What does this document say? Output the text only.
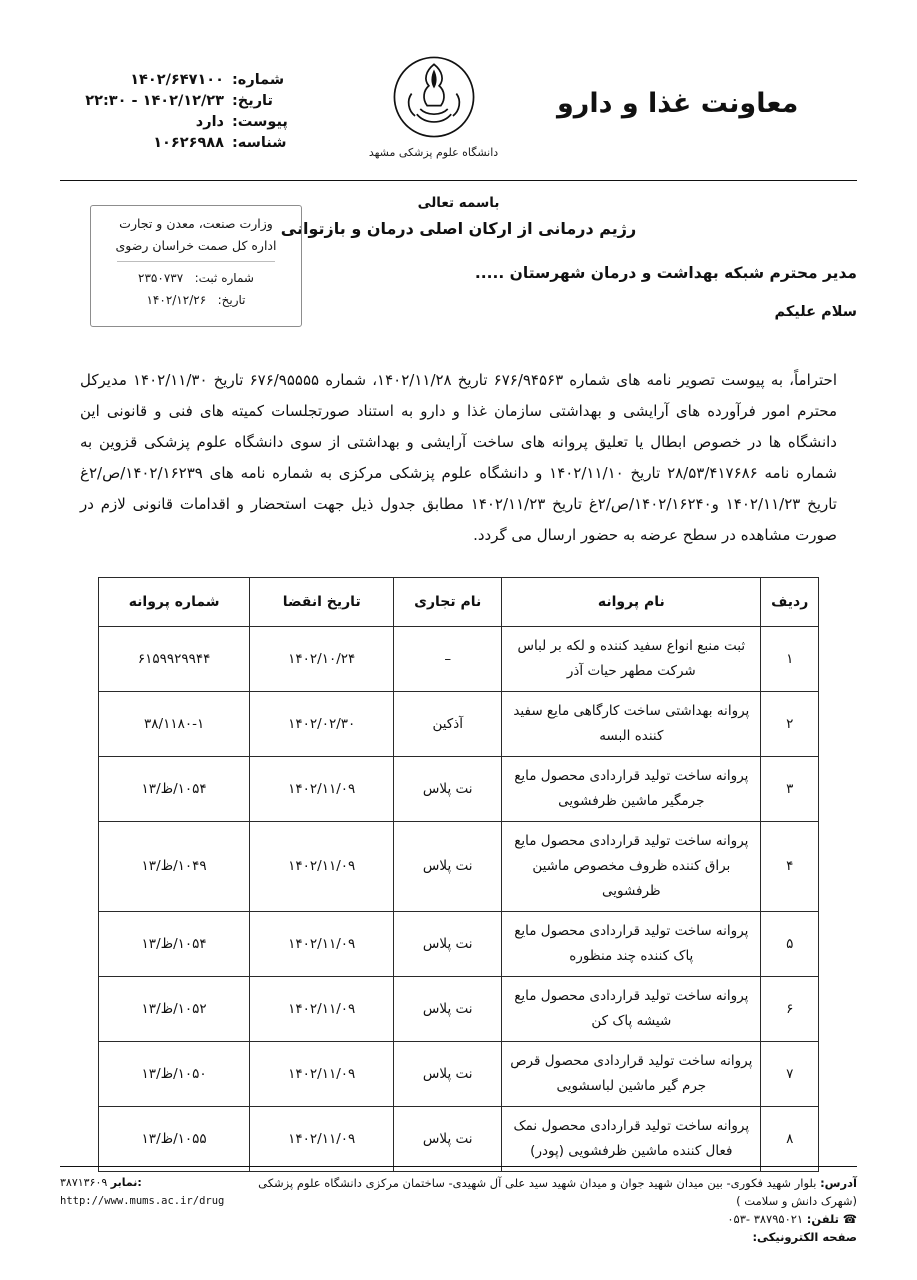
معاونت غذا و دارو
دانشگاه علوم پزشکی مشهد
شماره:
۱۴۰۲/۶۴۷۱۰۰
تاریخ:
۱۴۰۲/۱۲/۲۳ - ۲۲:۳۰
پیوست:
دارد
شناسه:
۱۰۶۲۶۹۸۸
باسمه تعالی
رژیم درمانی از ارکان اصلی درمان و بازتوانی
وزارت صنعت، معدن و تجارت
اداره کل صمت خراسان رضوی
شماره ثبت:   ۲۳۵۰۷۳۷
تاریخ:   ۱۴۰۲/۱۲/۲۶
مدیر محترم شبکه بهداشت و درمان شهرستان .....
سلام علیکم
احتراماً، به پیوست تصویر نامه های شماره ۶۷۶/۹۴۵۶۳ تاریخ ۱۴۰۲/۱۱/۲۸، شماره ۶۷۶/۹۵۵۵۵ تاریخ ۱۴۰۲/۱۱/۳۰ مدیرکل محترم امور فرآورده های آرایشی و بهداشتی سازمان غذا و دارو به استناد صورتجلسات کمیته های فنی و قانونی این دانشگاه ها در خصوص ابطال یا تعلیق پروانه های ساخت آرایشی و بهداشتی از سوی دانشگاه علوم پزشکی قزوین به شماره نامه ۲۸/۵۳/۴۱۷۶۸۶ تاریخ ۱۴۰۲/۱۱/۱۰ و دانشگاه علوم پزشکی مرکزی به شماره نامه های ۱۴۰۲/۱۶۲۳۹/ص/۲غ تاریخ ۱۴۰۲/۱۱/۲۳ و۱۴۰۲/۱۶۲۴۰/ص/۲غ تاریخ ۱۴۰۲/۱۱/۲۳ مطابق جدول ذیل جهت استحضار و اقدامات قانونی لازم در صورت مشاهده در سطح عرضه به حضور ارسال می گردد.
ردیف	نام پروانه	نام تجاری	تاریخ انقضا	شماره پروانه
۱	ثبت منبع انواع سفید کننده و لکه بر لباس شرکت مطهر حیات آذر	–	۱۴۰۲/۱۰/۲۴	۶۱۵۹۹۲۹۹۴۴
۲	پروانه بهداشتی ساخت کارگاهی مایع سفید کننده البسه	آذکین	۱۴۰۲/۰۲/۳۰	۳۸/۱۱۸۰-۱
۳	پروانه ساخت تولید قراردادی محصول مایع جرمگیر ماشین ظرفشویی	نت پلاس	۱۴۰۲/۱۱/۰۹	۱۰۵۴/ظ/۱۳
۴	پروانه ساخت تولید قراردادی محصول مایع براق کننده ظروف مخصوص ماشین ظرفشویی	نت پلاس	۱۴۰۲/۱۱/۰۹	۱۰۴۹/ظ/۱۳
۵	پروانه ساخت تولید قراردادی محصول مایع پاک کننده چند منظوره	نت پلاس	۱۴۰۲/۱۱/۰۹	۱۰۵۴/ظ/۱۳
۶	پروانه ساخت تولید قراردادی محصول مایع شیشه پاک کن	نت پلاس	۱۴۰۲/۱۱/۰۹	۱۰۵۲/ظ/۱۳
۷	پروانه ساخت تولید قراردادی محصول قرص جرم گیر ماشین لباسشویی	نت پلاس	۱۴۰۲/۱۱/۰۹	۱۰۵۰/ظ/۱۳
۸	پروانه ساخت تولید قراردادی محصول نمک فعال کننده ماشین ظرفشویی (پودر)	نت پلاس	۱۴۰۲/۱۱/۰۹	۱۰۵۵/ظ/۱۳
آدرس: بلوار شهید فکوری- بین میدان شهید جوان و میدان شهید سید علی آل شهیدی- ساختمان مرکزی دانشگاه علوم پزشکی (شهرک دانش و سلامت )
☎ تلفن: ۳۸۷۹۵۰۲۱ -۰۵۳
صفحه الکترونیکی:
۳۸۷۱۳۶۰۹ نمابر:
http://www.mums.ac.ir/drug
